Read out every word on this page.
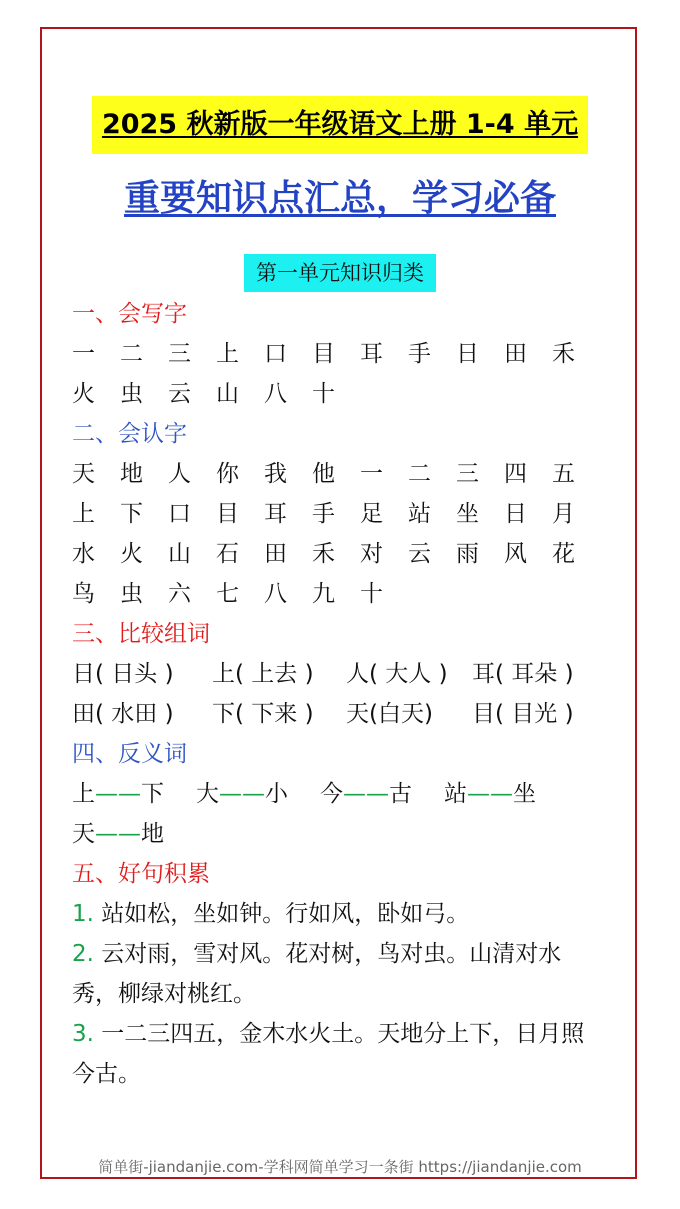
2025 秋新版一年级语文上册 1-4 单元
重要知识点汇总，学习必备
第一单元知识归类
一、会写字
一 二 三 上 口 目 耳 手 日 田 禾
火 虫 云 山 八 十
二、会认字
天 地 人 你 我 他 一 二 三 四 五
上 下 口 目 耳 手 足 站 坐 日 月
水 火 山 石 田 禾 对 云 雨 风 花
鸟 虫 六 七 八 九 十
三、比较组词
日( 日头 ) 上( 上去 ) 人( 大人 ) 耳( 耳朵 )
田( 水田 ) 下( 下来 ) 天(白天) 目( 目光 )
四、反义词
上——下 大——小 今——古 站——坐
天——地
五、好句积累
1. 站如松，坐如钟。行如风，卧如弓。
2. 云对雨，雪对风。花对树，鸟对虫。山清对水
秀，柳绿对桃红。
3. 一二三四五，金木水火土。天地分上下，日月照
今古。
简单街-jiandanjie.com-学科网简单学习一条街 https://jiandanjie.com
